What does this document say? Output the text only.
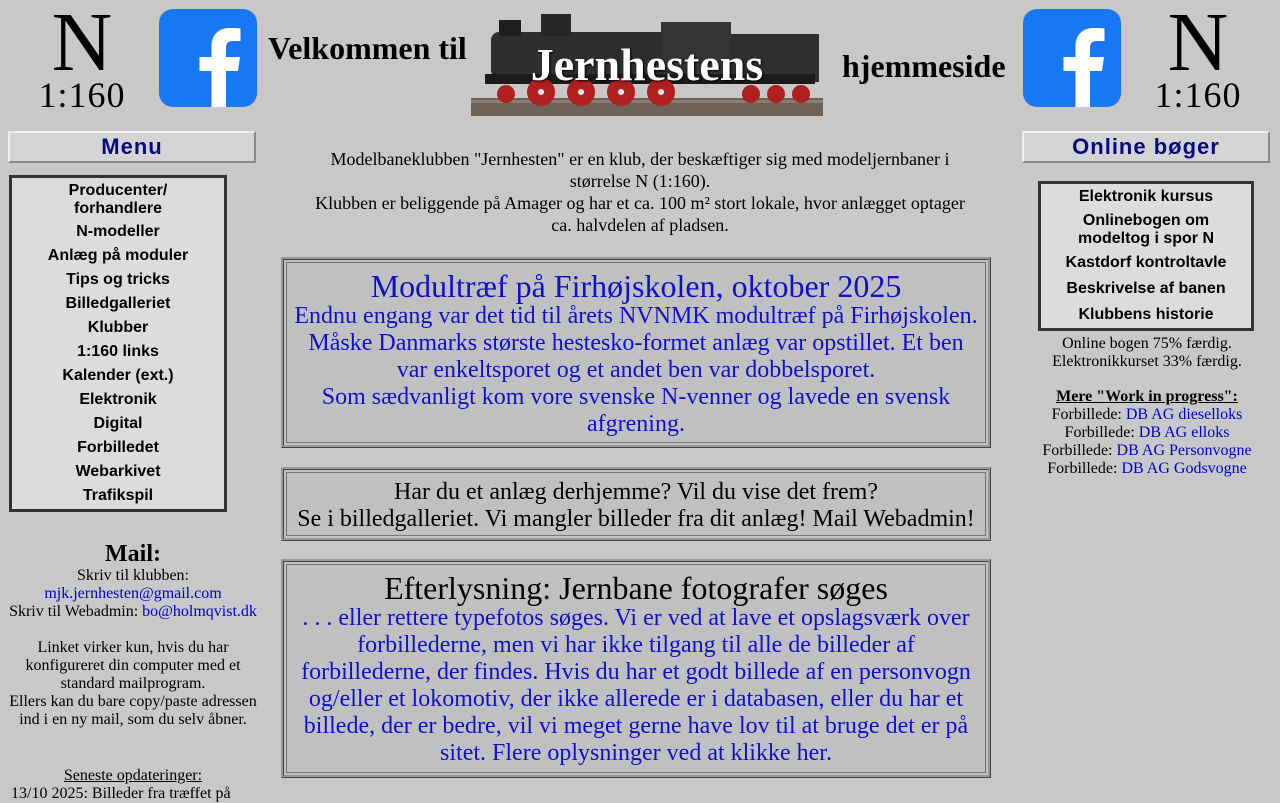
N
1:160
Velkommen til	Jernhestens	hjemmeside N
1:160
Menu
Producenter/ forhandlere
N-modeller
Anlæg på moduler
Tips og tricks
Billedgalleriet
Klubber
1:160 links
Kalender (ext.)
Elektronik
Digital
Forbilledet
Webarkivet
Trafikspil
Mail:
Skriv til klubben:
mjk.jernhesten@gmail.com
Skriv til Webadmin: bo@holmqvist.dk
Linket virker kun, hvis du har konfigureret din computer med et standard mailprogram.
Ellers kan du bare copy/paste adressen ind i en ny mail, som du selv åbner.
Seneste opdateringer:
13/10 2025: Billeder fra træffet på
Modelbaneklubben "Jernhesten" er en klub, der beskæftiger sig med modeljernbaner i størrelse N (1:160).
Klubben er beliggende på Amager og har et ca. 100 m² stort lokale, hvor anlægget optager ca. halvdelen af pladsen.
Modultræf på Firhøjskolen, oktober 2025
Endnu engang var det tid til årets NVNMK modultræf på Firhøjskolen.
Måske Danmarks største hestesko-formet anlæg var opstillet. Et ben var enkeltsporet og et andet ben var dobbelsporet.
Som sædvanligt kom vore svenske N-venner og lavede en svensk afgrening.
Har du et anlæg derhjemme? Vil du vise det frem?
Se i billedgalleriet. Vi mangler billeder fra dit anlæg! Mail Webadmin!
Efterlysning: Jernbane fotografer søges
. . . eller rettere typefotos søges. Vi er ved at lave et opslagsværk over forbillederne, men vi har ikke tilgang til alle de billeder af forbillederne, der findes. Hvis du har et godt billede af en personvogn og/eller et lokomotiv, der ikke allerede er i databasen, eller du har et billede, der er bedre, vil vi meget gerne have lov til at bruge det er på sitet. Flere oplysninger ved at klikke her.
Online bøger
Elektronik kursus
Onlinebogen om modeltog i spor N
Kastdorf kontroltavle
Beskrivelse af banen
Klubbens historie
Online bogen 75% færdig.
Elektronikkurset 33% færdig.
Mere "Work in progress":
Forbillede: DB AG dieselloks
Forbillede: DB AG elloks
Forbillede: DB AG Personvogne
Forbillede: DB AG Godsvogne
